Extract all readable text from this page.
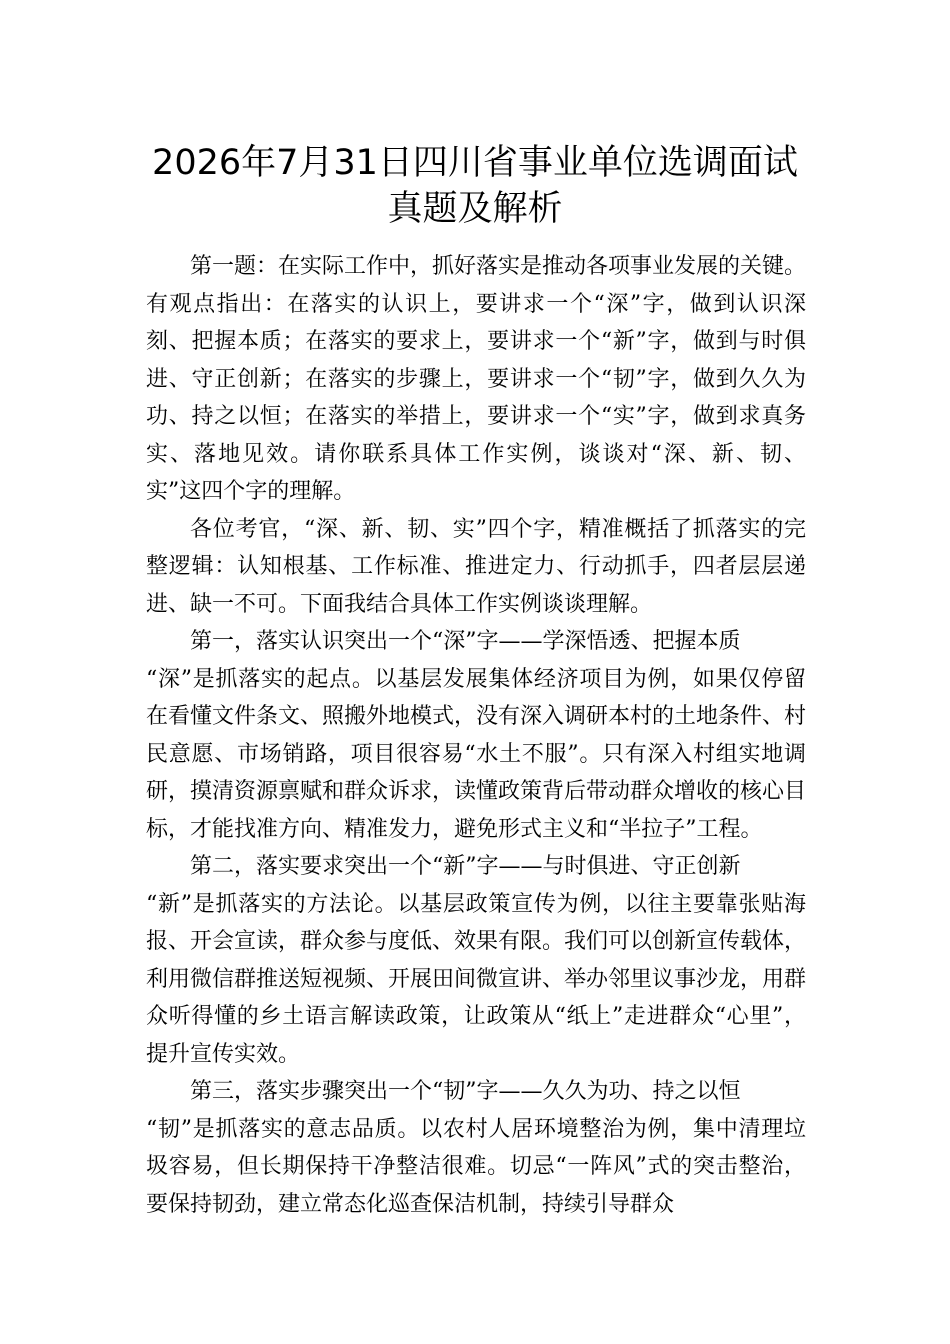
2026年7月31日四川省事业单位选调面试
真题及解析

第一题：在实际工作中，抓好落实是推动各项事业发展的关键。有观点指出：在落实的认识上，要讲求一个“深”字，做到认识深刻、把握本质；在落实的要求上，要讲求一个“新”字，做到与时俱进、守正创新；在落实的步骤上，要讲求一个“韧”字，做到久久为功、持之以恒；在落实的举措上，要讲求一个“实”字，做到求真务实、落地见效。请你联系具体工作实例，谈谈对“深、新、韧、实”这四个字的理解。

各位考官，“深、新、韧、实”四个字，精准概括了抓落实的完整逻辑：认知根基、工作标准、推进定力、行动抓手，四者层层递进、缺一不可。下面我结合具体工作实例谈谈理解。

第一，落实认识突出一个“深”字——学深悟透、把握本质

“深”是抓落实的起点。以基层发展集体经济项目为例，如果仅停留在看懂文件条文、照搬外地模式，没有深入调研本村的土地条件、村民意愿、市场销路，项目很容易“水土不服”。只有深入村组实地调研，摸清资源禀赋和群众诉求，读懂政策背后带动群众增收的核心目标，才能找准方向、精准发力，避免形式主义和“半拉子”工程。

第二，落实要求突出一个“新”字——与时俱进、守正创新

“新”是抓落实的方法论。以基层政策宣传为例，以往主要靠张贴海报、开会宣读，群众参与度低、效果有限。我们可以创新宣传载体，利用微信群推送短视频、开展田间微宣讲、举办邻里议事沙龙，用群众听得懂的乡土语言解读政策，让政策从“纸上”走进群众“心里”，提升宣传实效。

第三，落实步骤突出一个“韧”字——久久为功、持之以恒

“韧”是抓落实的意志品质。以农村人居环境整治为例，集中清理垃圾容易，但长期保持干净整洁很难。切忌“一阵风”式的突击整治，要保持韧劲，建立常态化巡查保洁机制，持续引导群众
